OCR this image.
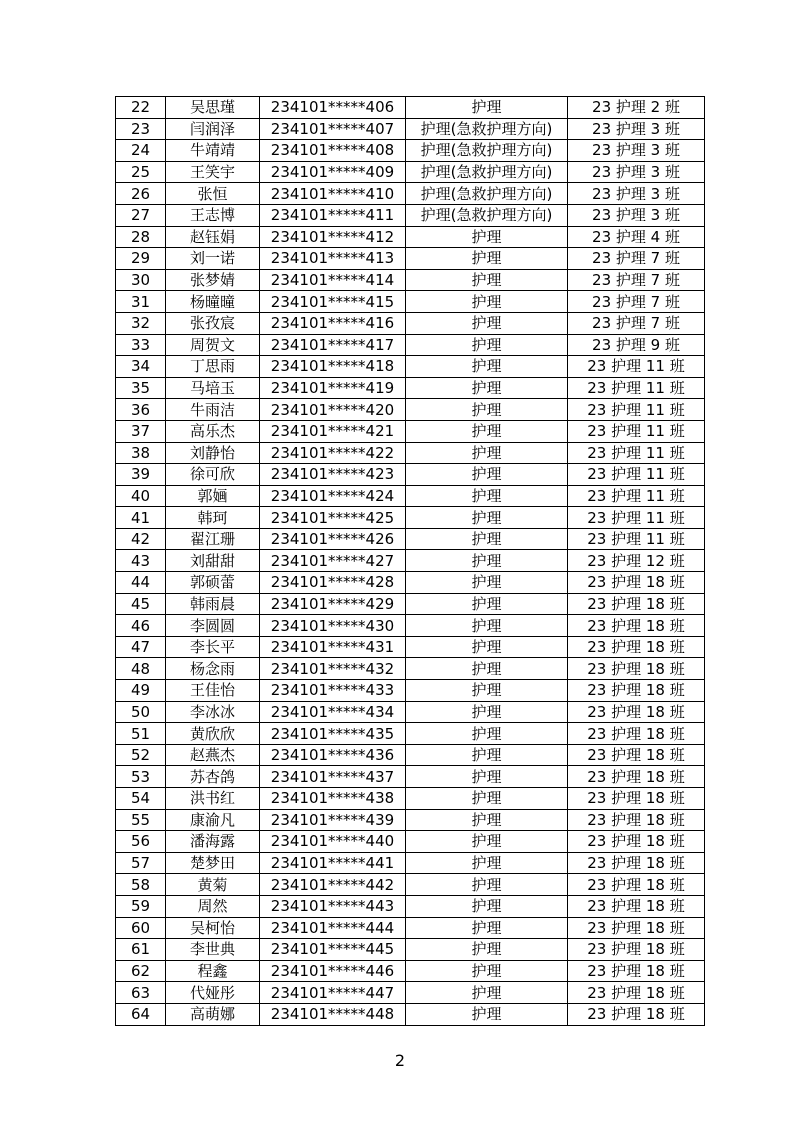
22	吴思瑾	234101*****406	护理	23 护理 2 班
23	闫润泽	234101*****407	护理(急救护理方向)	23 护理 3 班
24	牛靖靖	234101*****408	护理(急救护理方向)	23 护理 3 班
25	王笑宇	234101*****409	护理(急救护理方向)	23 护理 3 班
26	张恒	234101*****410	护理(急救护理方向)	23 护理 3 班
27	王志博	234101*****411	护理(急救护理方向)	23 护理 3 班
28	赵钰娟	234101*****412	护理	23 护理 4 班
29	刘一诺	234101*****413	护理	23 护理 7 班
30	张梦婧	234101*****414	护理	23 护理 7 班
31	杨曈曈	234101*****415	护理	23 护理 7 班
32	张孜宸	234101*****416	护理	23 护理 7 班
33	周贺文	234101*****417	护理	23 护理 9 班
34	丁思雨	234101*****418	护理	23 护理 11 班
35	马培玉	234101*****419	护理	23 护理 11 班
36	牛雨洁	234101*****420	护理	23 护理 11 班
37	高乐杰	234101*****421	护理	23 护理 11 班
38	刘静怡	234101*****422	护理	23 护理 11 班
39	徐可欣	234101*****423	护理	23 护理 11 班
40	郭婳	234101*****424	护理	23 护理 11 班
41	韩珂	234101*****425	护理	23 护理 11 班
42	翟江珊	234101*****426	护理	23 护理 11 班
43	刘甜甜	234101*****427	护理	23 护理 12 班
44	郭硕蕾	234101*****428	护理	23 护理 18 班
45	韩雨晨	234101*****429	护理	23 护理 18 班
46	李圆圆	234101*****430	护理	23 护理 18 班
47	李长平	234101*****431	护理	23 护理 18 班
48	杨念雨	234101*****432	护理	23 护理 18 班
49	王佳怡	234101*****433	护理	23 护理 18 班
50	李冰冰	234101*****434	护理	23 护理 18 班
51	黄欣欣	234101*****435	护理	23 护理 18 班
52	赵燕杰	234101*****436	护理	23 护理 18 班
53	苏杏鸽	234101*****437	护理	23 护理 18 班
54	洪书红	234101*****438	护理	23 护理 18 班
55	康渝凡	234101*****439	护理	23 护理 18 班
56	潘海露	234101*****440	护理	23 护理 18 班
57	楚梦田	234101*****441	护理	23 护理 18 班
58	黄菊	234101*****442	护理	23 护理 18 班
59	周然	234101*****443	护理	23 护理 18 班
60	吴柯怡	234101*****444	护理	23 护理 18 班
61	李世典	234101*****445	护理	23 护理 18 班
62	程鑫	234101*****446	护理	23 护理 18 班
63	代娅彤	234101*****447	护理	23 护理 18 班
64	高萌娜	234101*****448	护理	23 护理 18 班
2
